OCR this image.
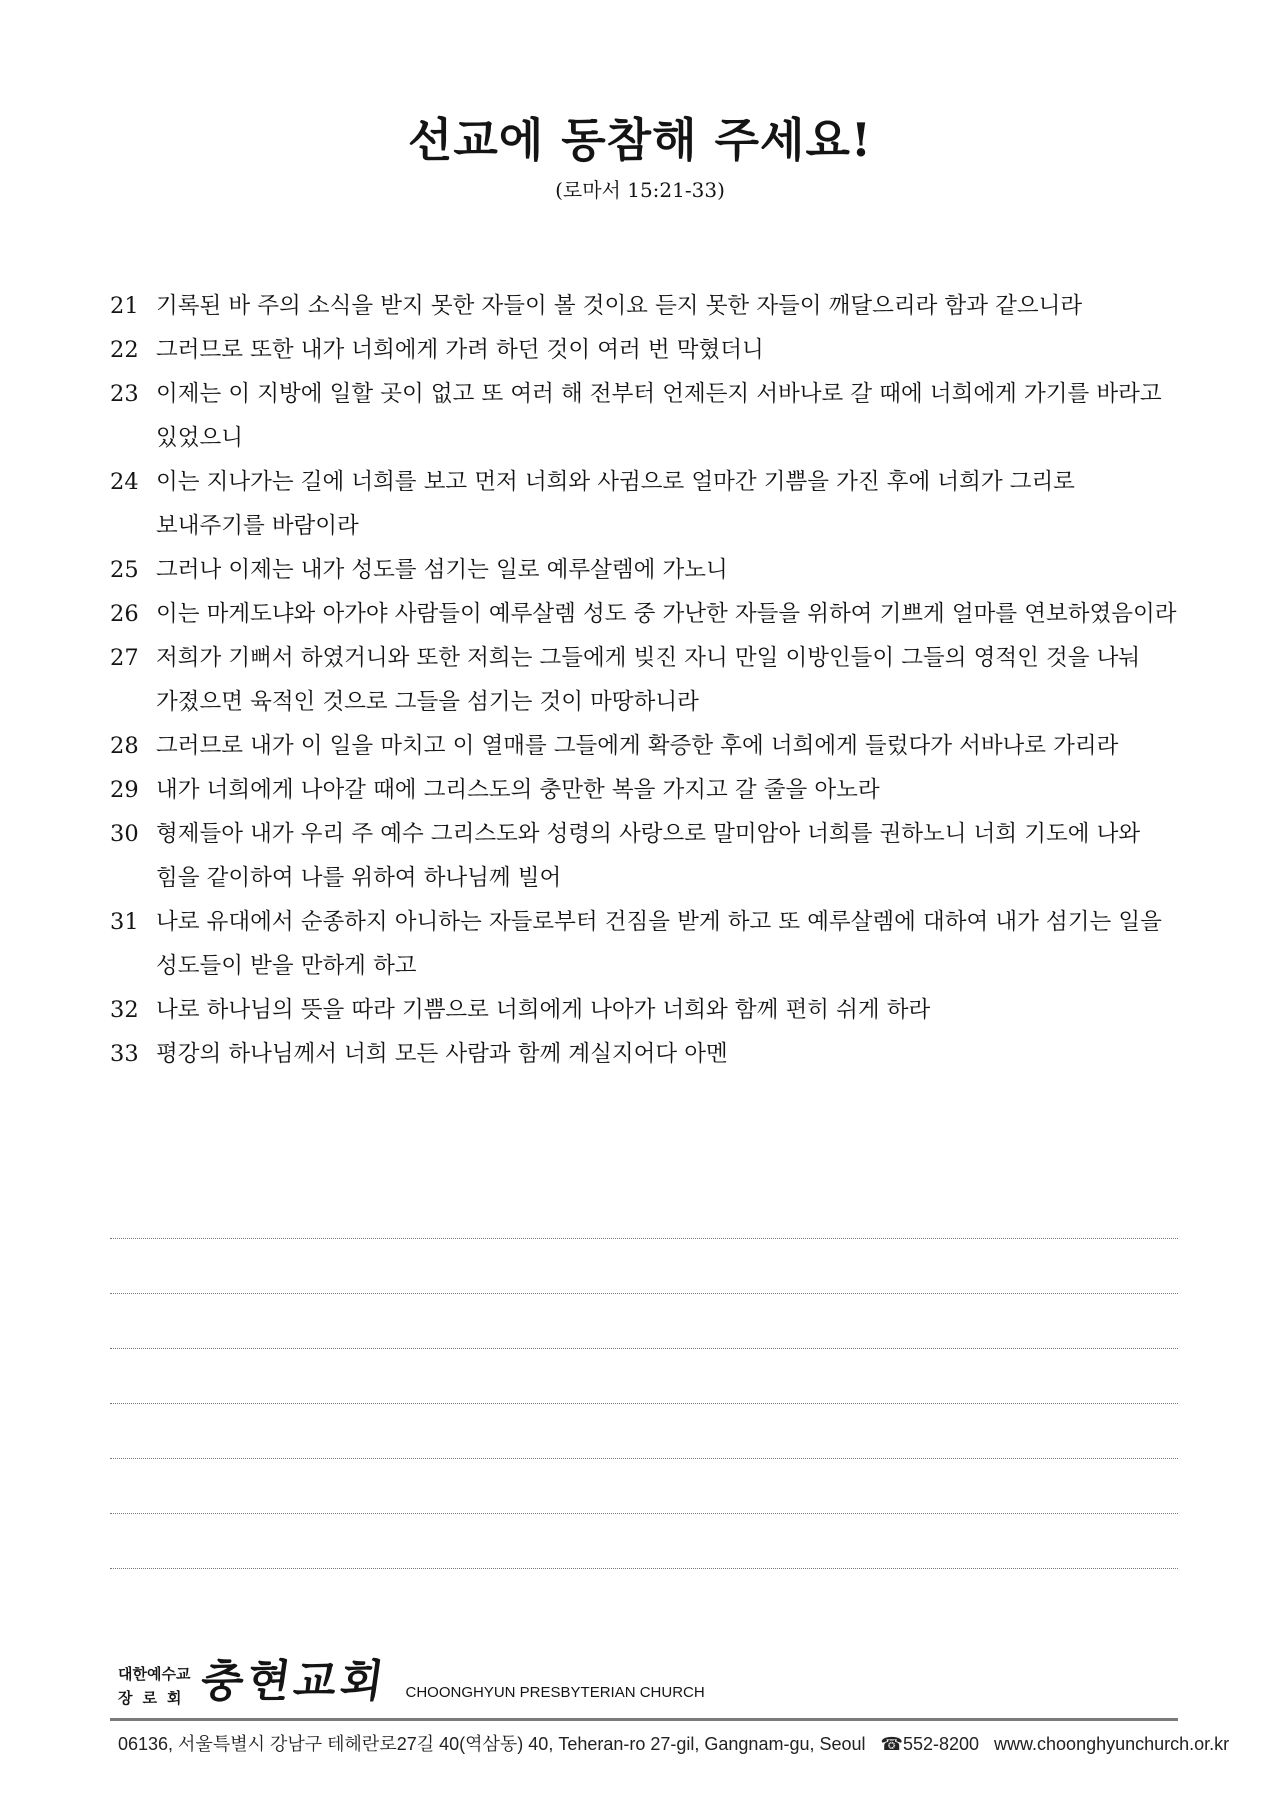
선교에 동참해 주세요!
(로마서 15:21-33)
21 기록된 바 주의 소식을 받지 못한 자들이 볼 것이요 듣지 못한 자들이 깨달으리라 함과 같으니라
22 그러므로 또한 내가 너희에게 가려 하던 것이 여러 번 막혔더니
23 이제는 이 지방에 일할 곳이 없고 또 여러 해 전부터 언제든지 서바나로 갈 때에 너희에게 가기를 바라고 있었으니
24 이는 지나가는 길에 너희를 보고 먼저 너희와 사귐으로 얼마간 기쁨을 가진 후에 너희가 그리로 보내주기를 바람이라
25 그러나 이제는 내가 성도를 섬기는 일로 예루살렘에 가노니
26 이는 마게도냐와 아가야 사람들이 예루살렘 성도 중 가난한 자들을 위하여 기쁘게 얼마를 연보하였음이라
27 저희가 기뻐서 하였거니와 또한 저희는 그들에게 빚진 자니 만일 이방인들이 그들의 영적인 것을 나눠 가졌으면 육적인 것으로 그들을 섬기는 것이 마땅하니라
28 그러므로 내가 이 일을 마치고 이 열매를 그들에게 확증한 후에 너희에게 들렀다가 서바나로 가리라
29 내가 너희에게 나아갈 때에 그리스도의 충만한 복을 가지고 갈 줄을 아노라
30 형제들아 내가 우리 주 예수 그리스도와 성령의 사랑으로 말미암아 너희를 권하노니 너희 기도에 나와 힘을 같이하여 나를 위하여 하나님께 빌어
31 나로 유대에서 순종하지 아니하는 자들로부터 건짐을 받게 하고 또 예루살렘에 대하여 내가 섬기는 일을 성도들이 받을 만하게 하고
32 나로 하나님의 뜻을 따라 기쁨으로 너희에게 나아가 너희와 함께 편히 쉬게 하라
33 평강의 하나님께서 너희 모든 사람과 함께 계실지어다 아멘
대한예수교
장로회 충현교회 CHOONGHYUN PRESBYTERIAN CHURCH
06136, 서울특별시 강남구 테헤란로27길 40(역삼동) 40, Teheran-ro 27-gil, Gangnam-gu, Seoul ☎552-8200 www.choonghyunchurch.or.kr
